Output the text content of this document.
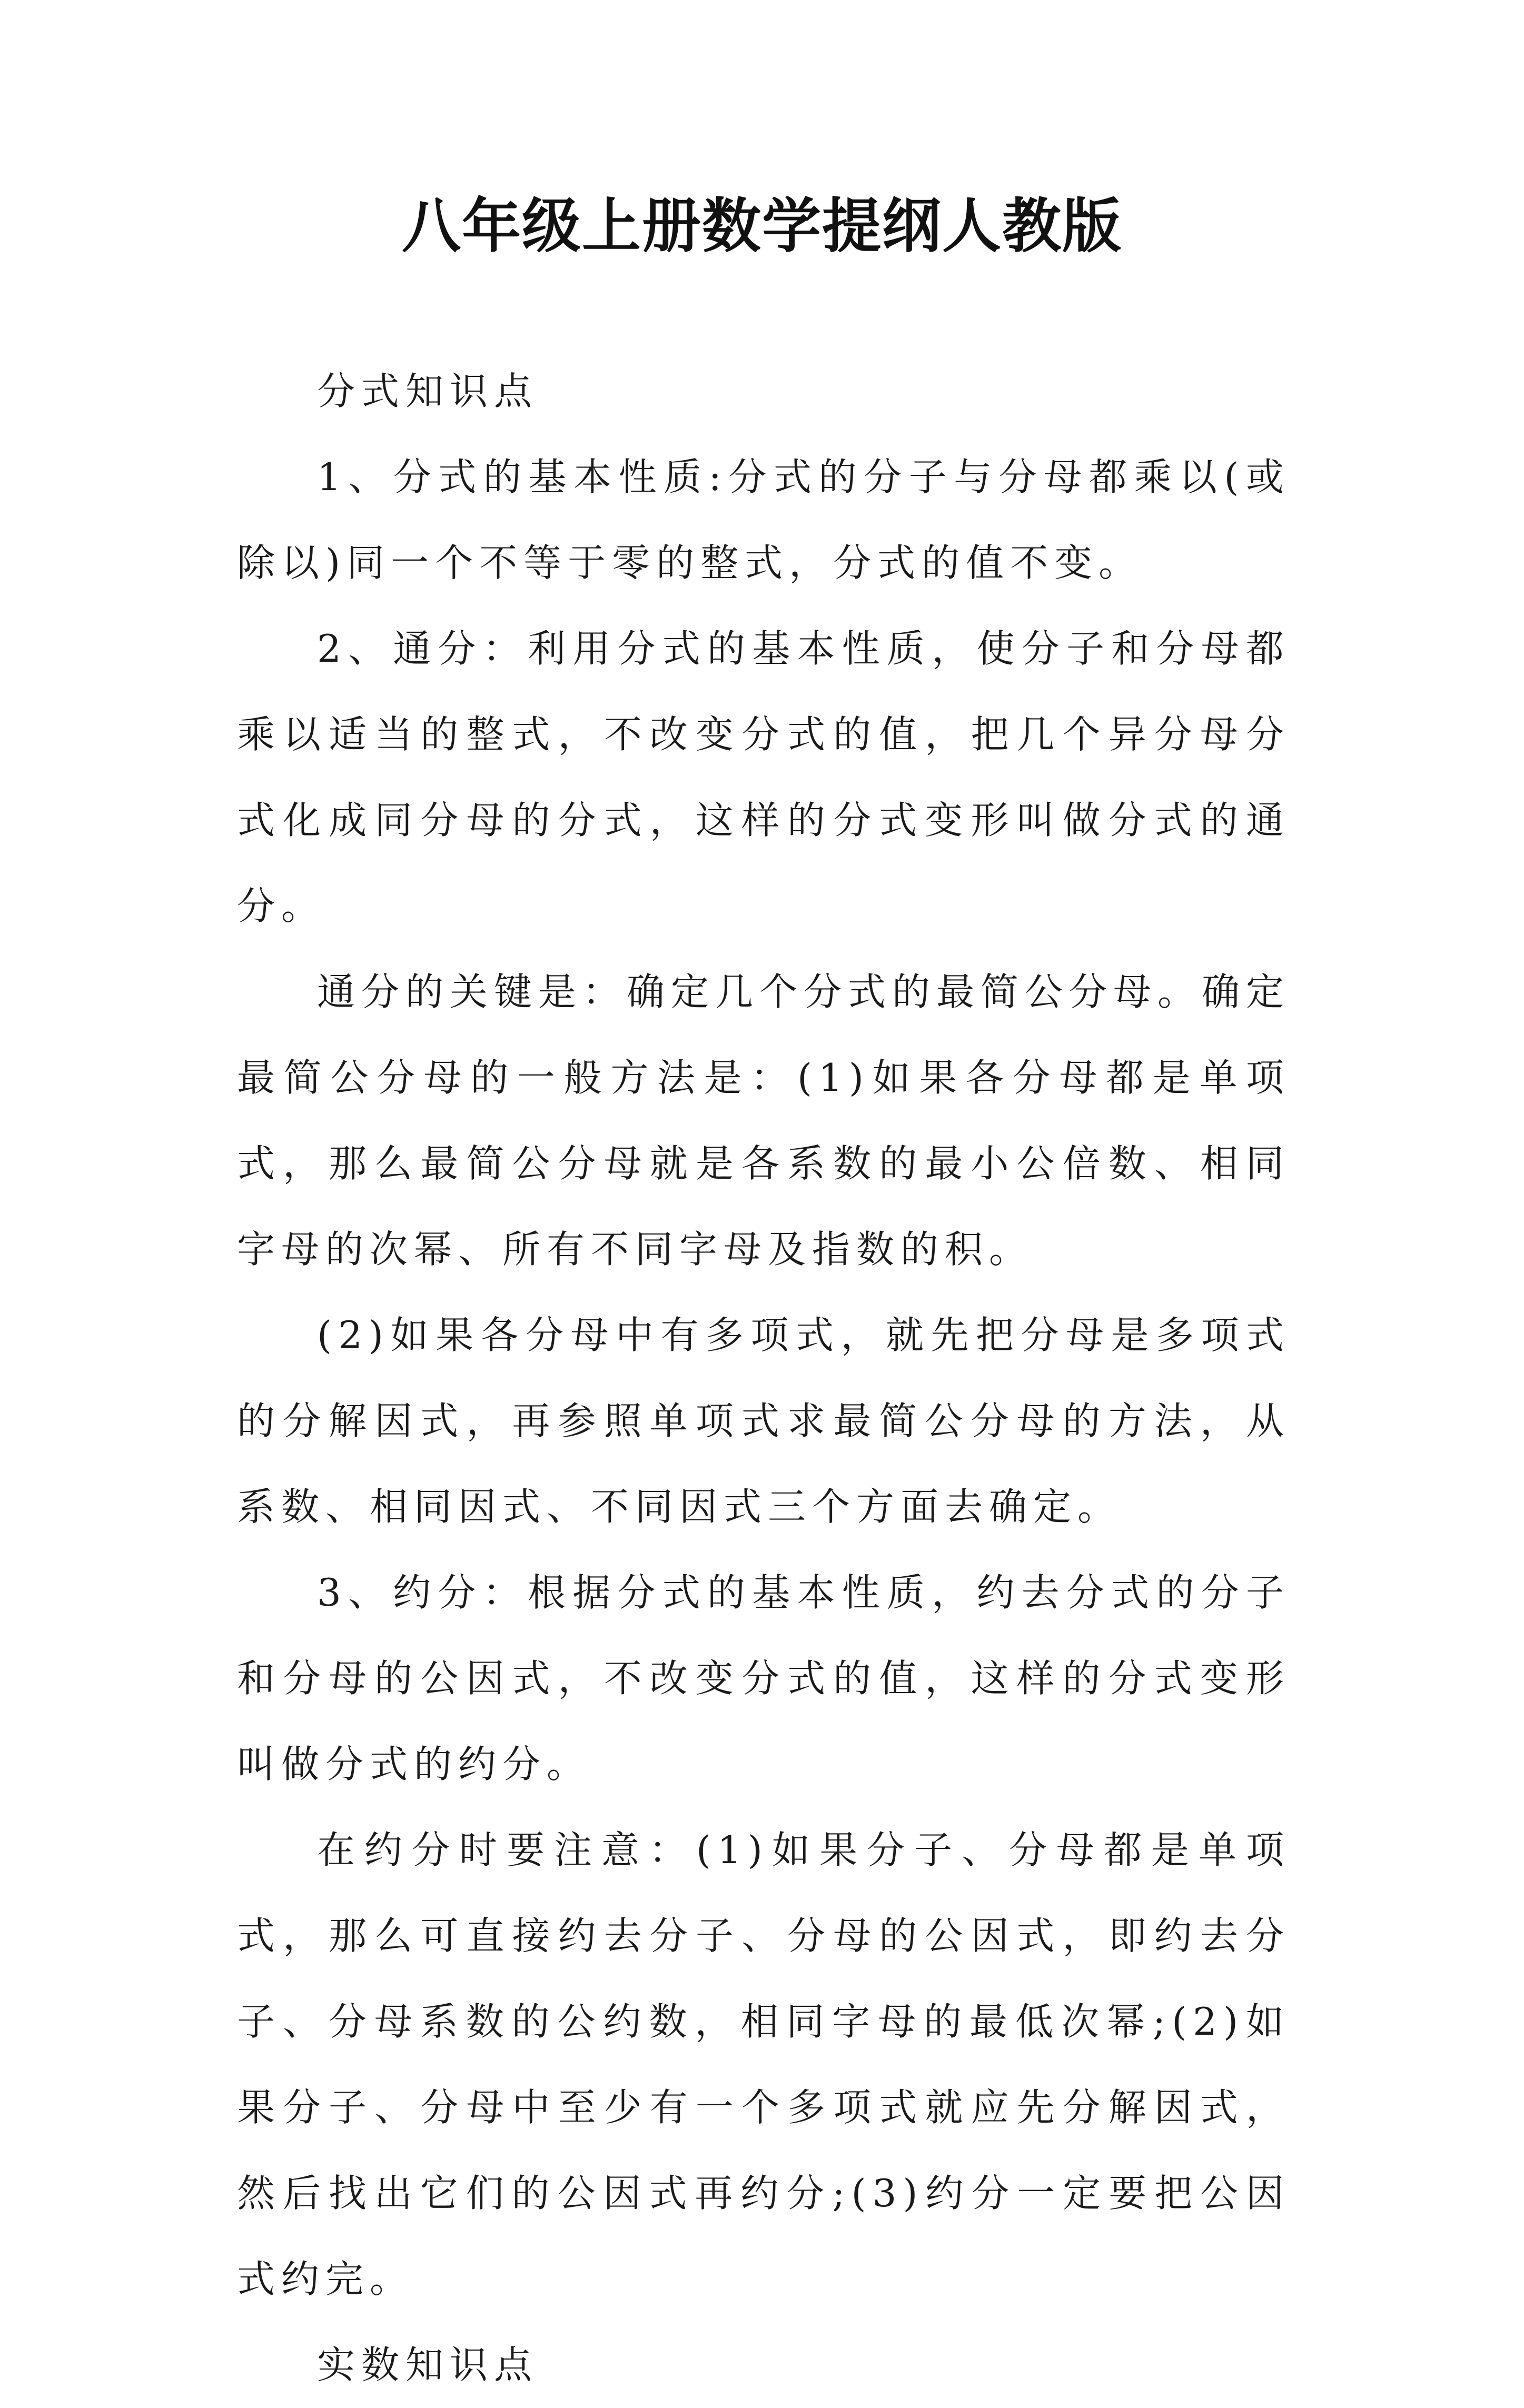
八年级上册数学提纲人教版

分式知识点

1、分式的基本性质:分式的分子与分母都乘以(或除以)同一个不等于零的整式，分式的值不变。

2、通分：利用分式的基本性质，使分子和分母都乘以适当的整式，不改变分式的值，把几个异分母分式化成同分母的分式，这样的分式变形叫做分式的通分。

通分的关键是：确定几个分式的最简公分母。确定最简公分母的一般方法是：(1)如果各分母都是单项式，那么最简公分母就是各系数的最小公倍数、相同字母的次幂、所有不同字母及指数的积。

(2)如果各分母中有多项式，就先把分母是多项式的分解因式，再参照单项式求最简公分母的方法，从系数、相同因式、不同因式三个方面去确定。

3、约分：根据分式的基本性质，约去分式的分子和分母的公因式，不改变分式的值，这样的分式变形叫做分式的约分。

在约分时要注意：(1)如果分子、分母都是单项式，那么可直接约去分子、分母的公因式，即约去分子、分母系数的公约数，相同字母的最低次幂;(2)如果分子、分母中至少有一个多项式就应先分解因式，然后找出它们的公因式再约分;(3)约分一定要把公因式约完。

实数知识点
